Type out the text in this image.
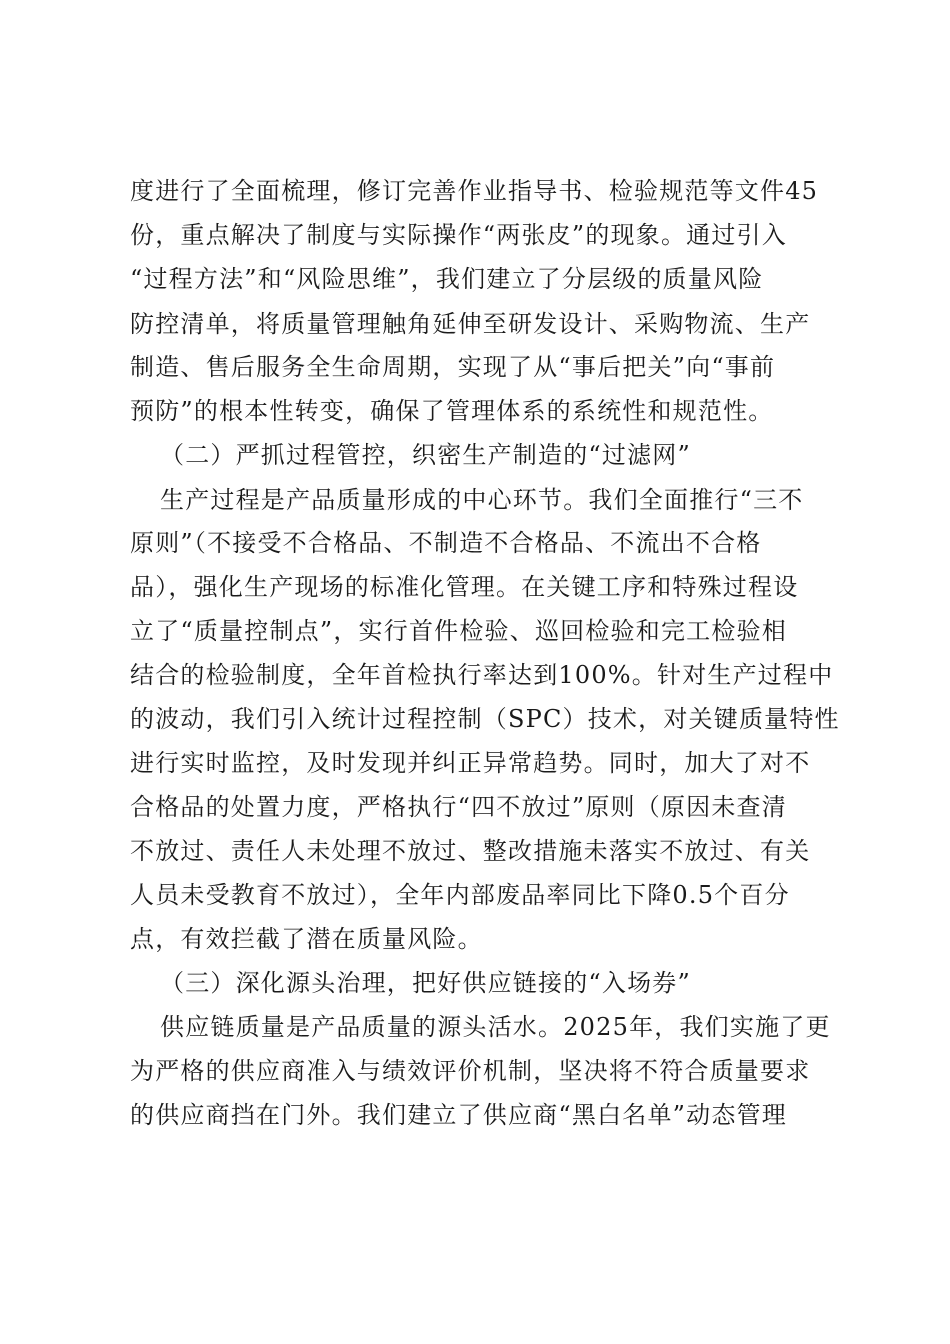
度进行了全面梳理，修订完善作业指导书、检验规范等文件45
份，重点解决了制度与实际操作“两张皮”的现象。通过引入
“过程方法”和“风险思维”，我们建立了分层级的质量风险
防控清单，将质量管理触角延伸至研发设计、采购物流、生产
制造、售后服务全生命周期，实现了从“事后把关”向“事前
预防”的根本性转变，确保了管理体系的系统性和规范性。
（二）严抓过程管控，织密生产制造的“过滤网”
生产过程是产品质量形成的中心环节。我们全面推行“三不
原则”（不接受不合格品、不制造不合格品、不流出不合格
品），强化生产现场的标准化管理。在关键工序和特殊过程设
立了“质量控制点”，实行首件检验、巡回检验和完工检验相
结合的检验制度，全年首检执行率达到100%。针对生产过程中
的波动，我们引入统计过程控制（SPC）技术，对关键质量特性
进行实时监控，及时发现并纠正异常趋势。同时，加大了对不
合格品的处置力度，严格执行“四不放过”原则（原因未查清
不放过、责任人未处理不放过、整改措施未落实不放过、有关
人员未受教育不放过），全年内部废品率同比下降0.5个百分
点，有效拦截了潜在质量风险。
（三）深化源头治理，把好供应链接的“入场券”
供应链质量是产品质量的源头活水。2025年，我们实施了更
为严格的供应商准入与绩效评价机制，坚决将不符合质量要求
的供应商挡在门外。我们建立了供应商“黑白名单”动态管理
